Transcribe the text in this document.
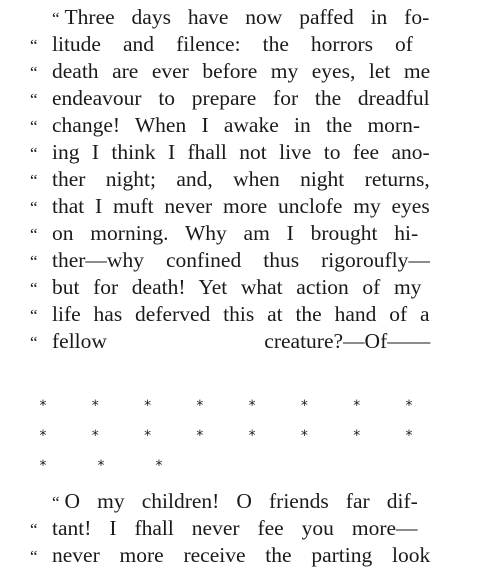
“ Three days have now paffed in fo-
“ litude and filence: the horrors of
“ death are ever before my eyes, let me
“ endeavour to prepare for the dreadful
“ change! When I awake in the morn-
“ ing I think I fhall not live to fee ano-
“ ther night; and, when night returns,
“ that I muft never more unclofe my eyes
“ on morning. Why am I brought hi-
“ ther—why confined thus rigoroufly—
“ but for death! Yet what action of my
“ life has deferved this at the hand of a
“ fellow creature?—Of——
*	*	*	*	*	*	*	*
*	*	*	*	*	*	*	*
*	*	*
“ O my children! O friends far dif-
“ tant! I fhall never fee you more—
“ never more receive the parting look
